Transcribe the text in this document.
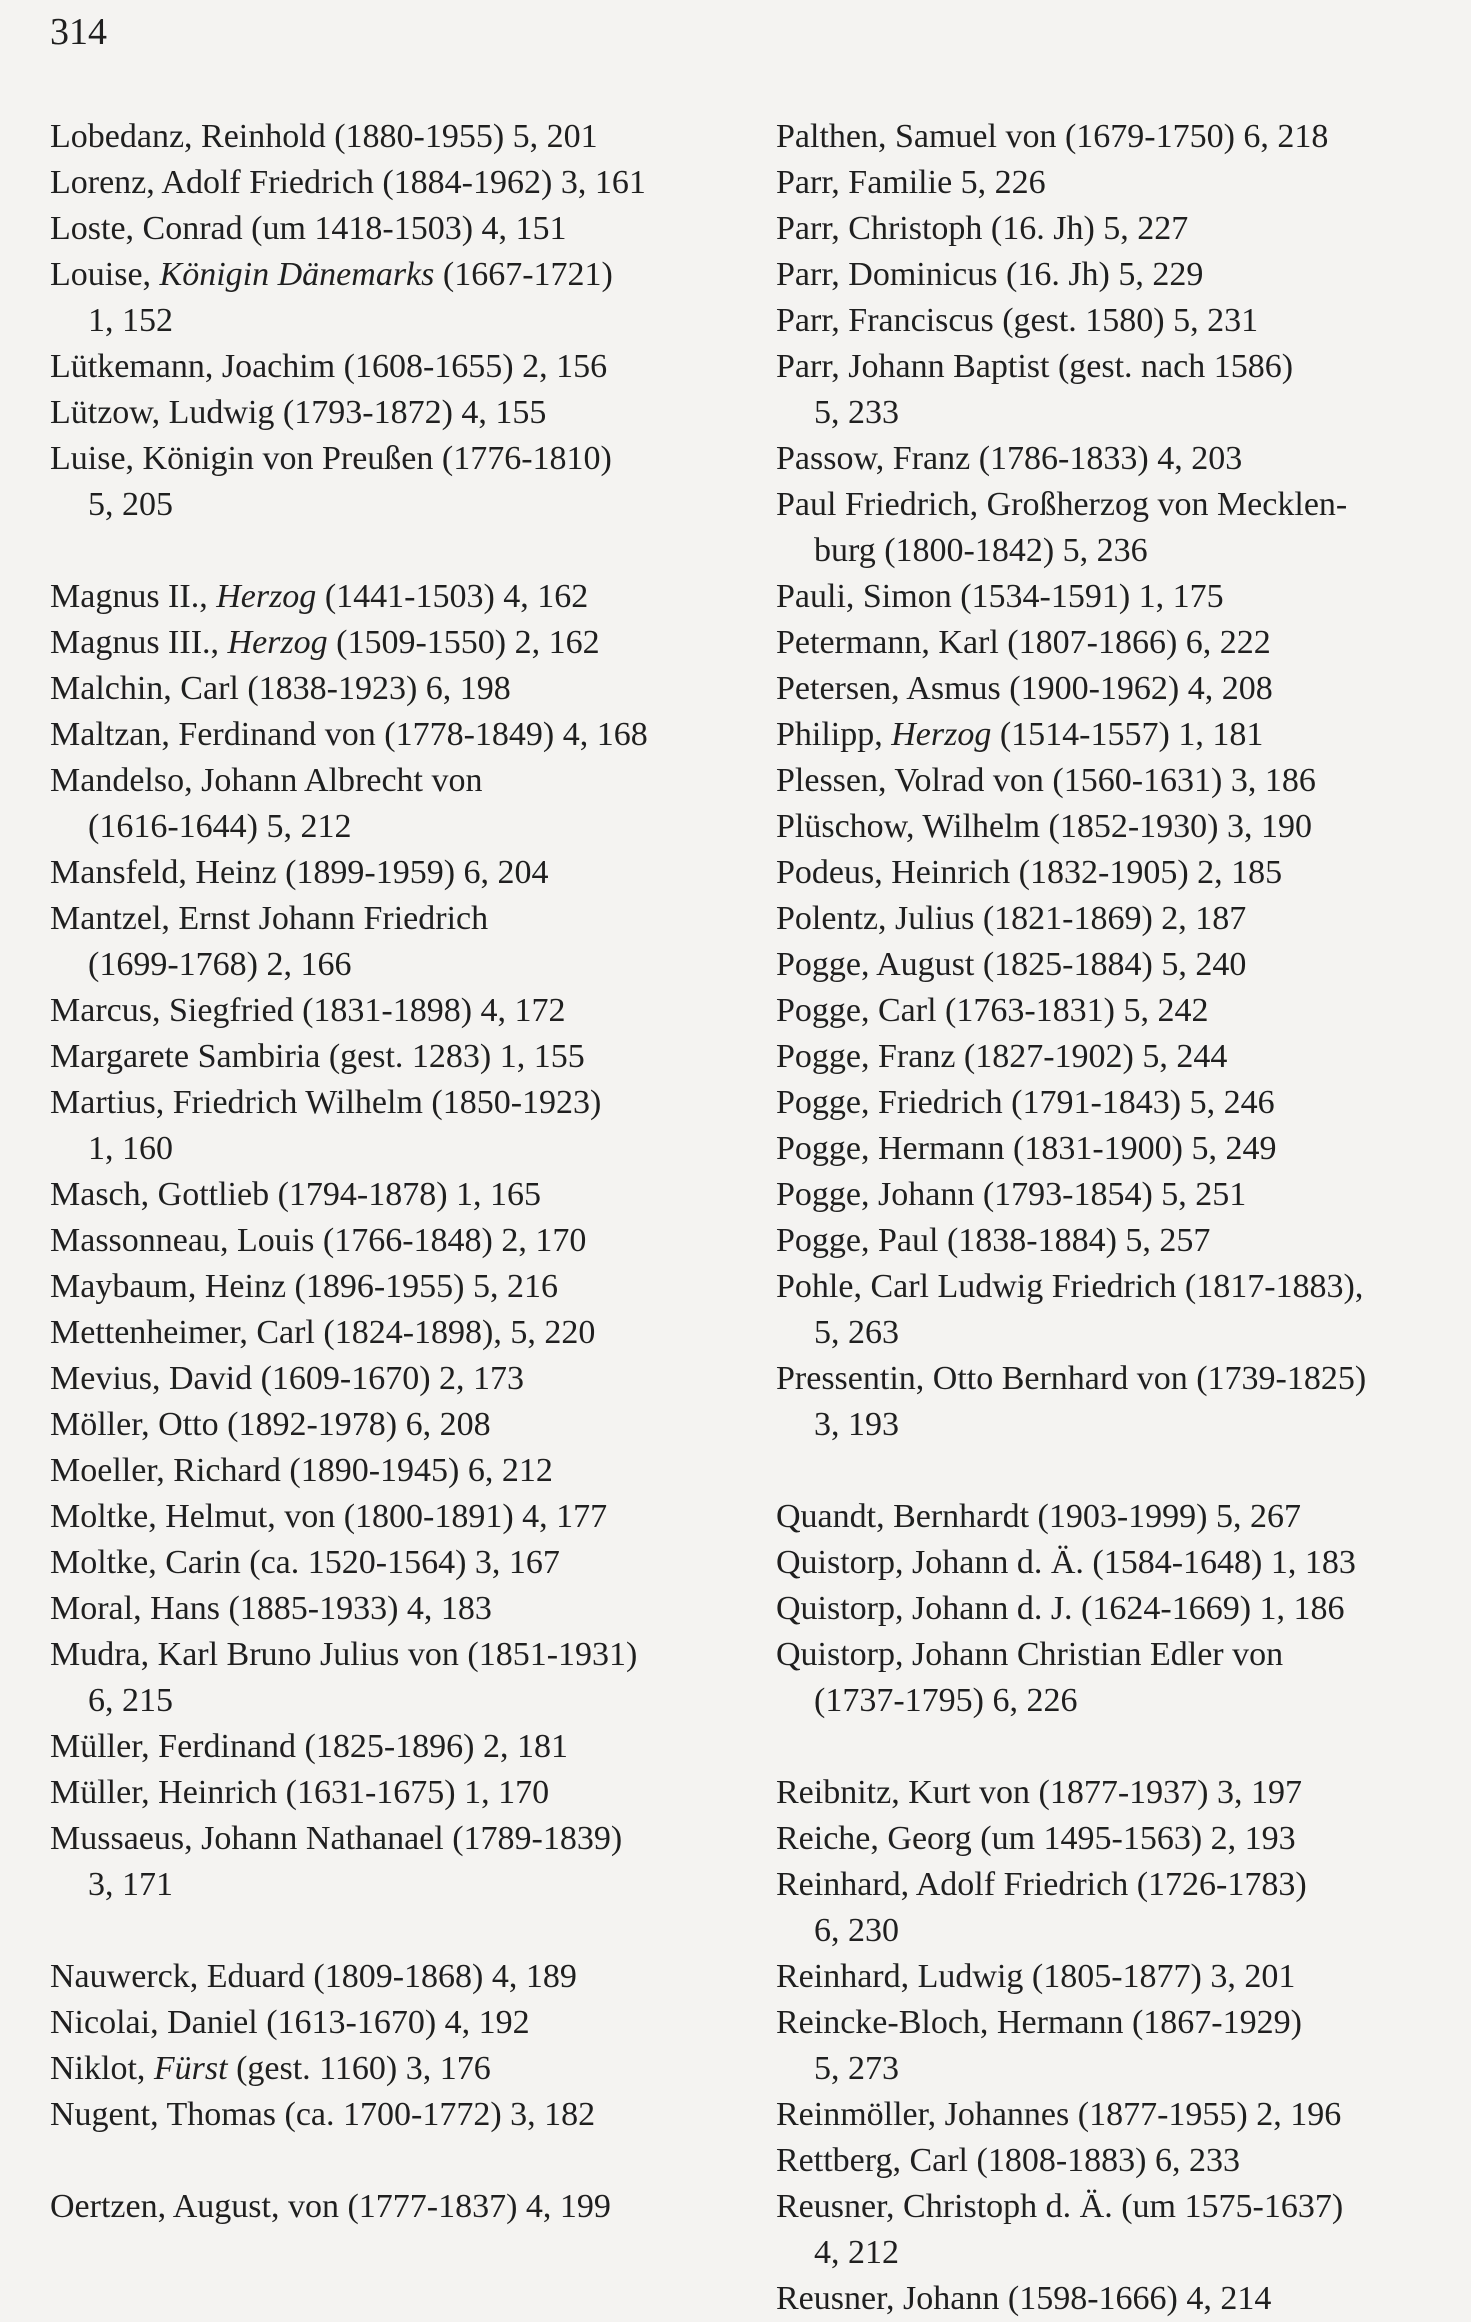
314
Lobedanz, Reinhold (1880-1955) 5, 201
Lorenz, Adolf Friedrich (1884-1962) 3, 161
Loste, Conrad (um 1418-1503) 4, 151
Louise, Königin Dänemarks (1667-1721)
1, 152
Lütkemann, Joachim (1608-1655) 2, 156
Lützow, Ludwig (1793-1872) 4, 155
Luise, Königin von Preußen (1776-1810)
5, 205
Magnus II., Herzog (1441-1503) 4, 162
Magnus III., Herzog (1509-1550) 2, 162
Malchin, Carl (1838-1923) 6, 198
Maltzan, Ferdinand von (1778-1849) 4, 168
Mandelso, Johann Albrecht von
(1616-1644) 5, 212
Mansfeld, Heinz (1899-1959) 6, 204
Mantzel, Ernst Johann Friedrich
(1699-1768) 2, 166
Marcus, Siegfried (1831-1898) 4, 172
Margarete Sambiria (gest. 1283) 1, 155
Martius, Friedrich Wilhelm (1850-1923)
1, 160
Masch, Gottlieb (1794-1878) 1, 165
Massonneau, Louis (1766-1848) 2, 170
Maybaum, Heinz (1896-1955) 5, 216
Mettenheimer, Carl (1824-1898), 5, 220
Mevius, David (1609-1670) 2, 173
Möller, Otto (1892-1978) 6, 208
Moeller, Richard (1890-1945) 6, 212
Moltke, Helmut, von (1800-1891) 4, 177
Moltke, Carin (ca. 1520-1564) 3, 167
Moral, Hans (1885-1933) 4, 183
Mudra, Karl Bruno Julius von (1851-1931)
6, 215
Müller, Ferdinand (1825-1896) 2, 181
Müller, Heinrich (1631-1675) 1, 170
Mussaeus, Johann Nathanael (1789-1839)
3, 171
Nauwerck, Eduard (1809-1868) 4, 189
Nicolai, Daniel (1613-1670) 4, 192
Niklot, Fürst (gest. 1160) 3, 176
Nugent, Thomas (ca. 1700-1772) 3, 182
Oertzen, August, von (1777-1837) 4, 199
Palthen, Samuel von (1679-1750) 6, 218
Parr, Familie 5, 226
Parr, Christoph (16. Jh) 5, 227
Parr, Dominicus (16. Jh) 5, 229
Parr, Franciscus (gest. 1580) 5, 231
Parr, Johann Baptist (gest. nach 1586)
5, 233
Passow, Franz (1786-1833) 4, 203
Paul Friedrich, Großherzog von Mecklen-
burg (1800-1842) 5, 236
Pauli, Simon (1534-1591) 1, 175
Petermann, Karl (1807-1866) 6, 222
Petersen, Asmus (1900-1962) 4, 208
Philipp, Herzog (1514-1557) 1, 181
Plessen, Volrad von (1560-1631) 3, 186
Plüschow, Wilhelm (1852-1930) 3, 190
Podeus, Heinrich (1832-1905) 2, 185
Polentz, Julius (1821-1869) 2, 187
Pogge, August (1825-1884) 5, 240
Pogge, Carl (1763-1831) 5, 242
Pogge, Franz (1827-1902) 5, 244
Pogge, Friedrich (1791-1843) 5, 246
Pogge, Hermann (1831-1900) 5, 249
Pogge, Johann (1793-1854) 5, 251
Pogge, Paul (1838-1884) 5, 257
Pohle, Carl Ludwig Friedrich (1817-1883),
5, 263
Pressentin, Otto Bernhard von (1739-1825)
3, 193
Quandt, Bernhardt (1903-1999) 5, 267
Quistorp, Johann d. Ä. (1584-1648) 1, 183
Quistorp, Johann d. J. (1624-1669) 1, 186
Quistorp, Johann Christian Edler von
(1737-1795) 6, 226
Reibnitz, Kurt von (1877-1937) 3, 197
Reiche, Georg (um 1495-1563) 2, 193
Reinhard, Adolf Friedrich (1726-1783)
6, 230
Reinhard, Ludwig (1805-1877) 3, 201
Reincke-Bloch, Hermann (1867-1929)
5, 273
Reinmöller, Johannes (1877-1955) 2, 196
Rettberg, Carl (1808-1883) 6, 233
Reusner, Christoph d. Ä. (um 1575-1637)
4, 212
Reusner, Johann (1598-1666) 4, 214
